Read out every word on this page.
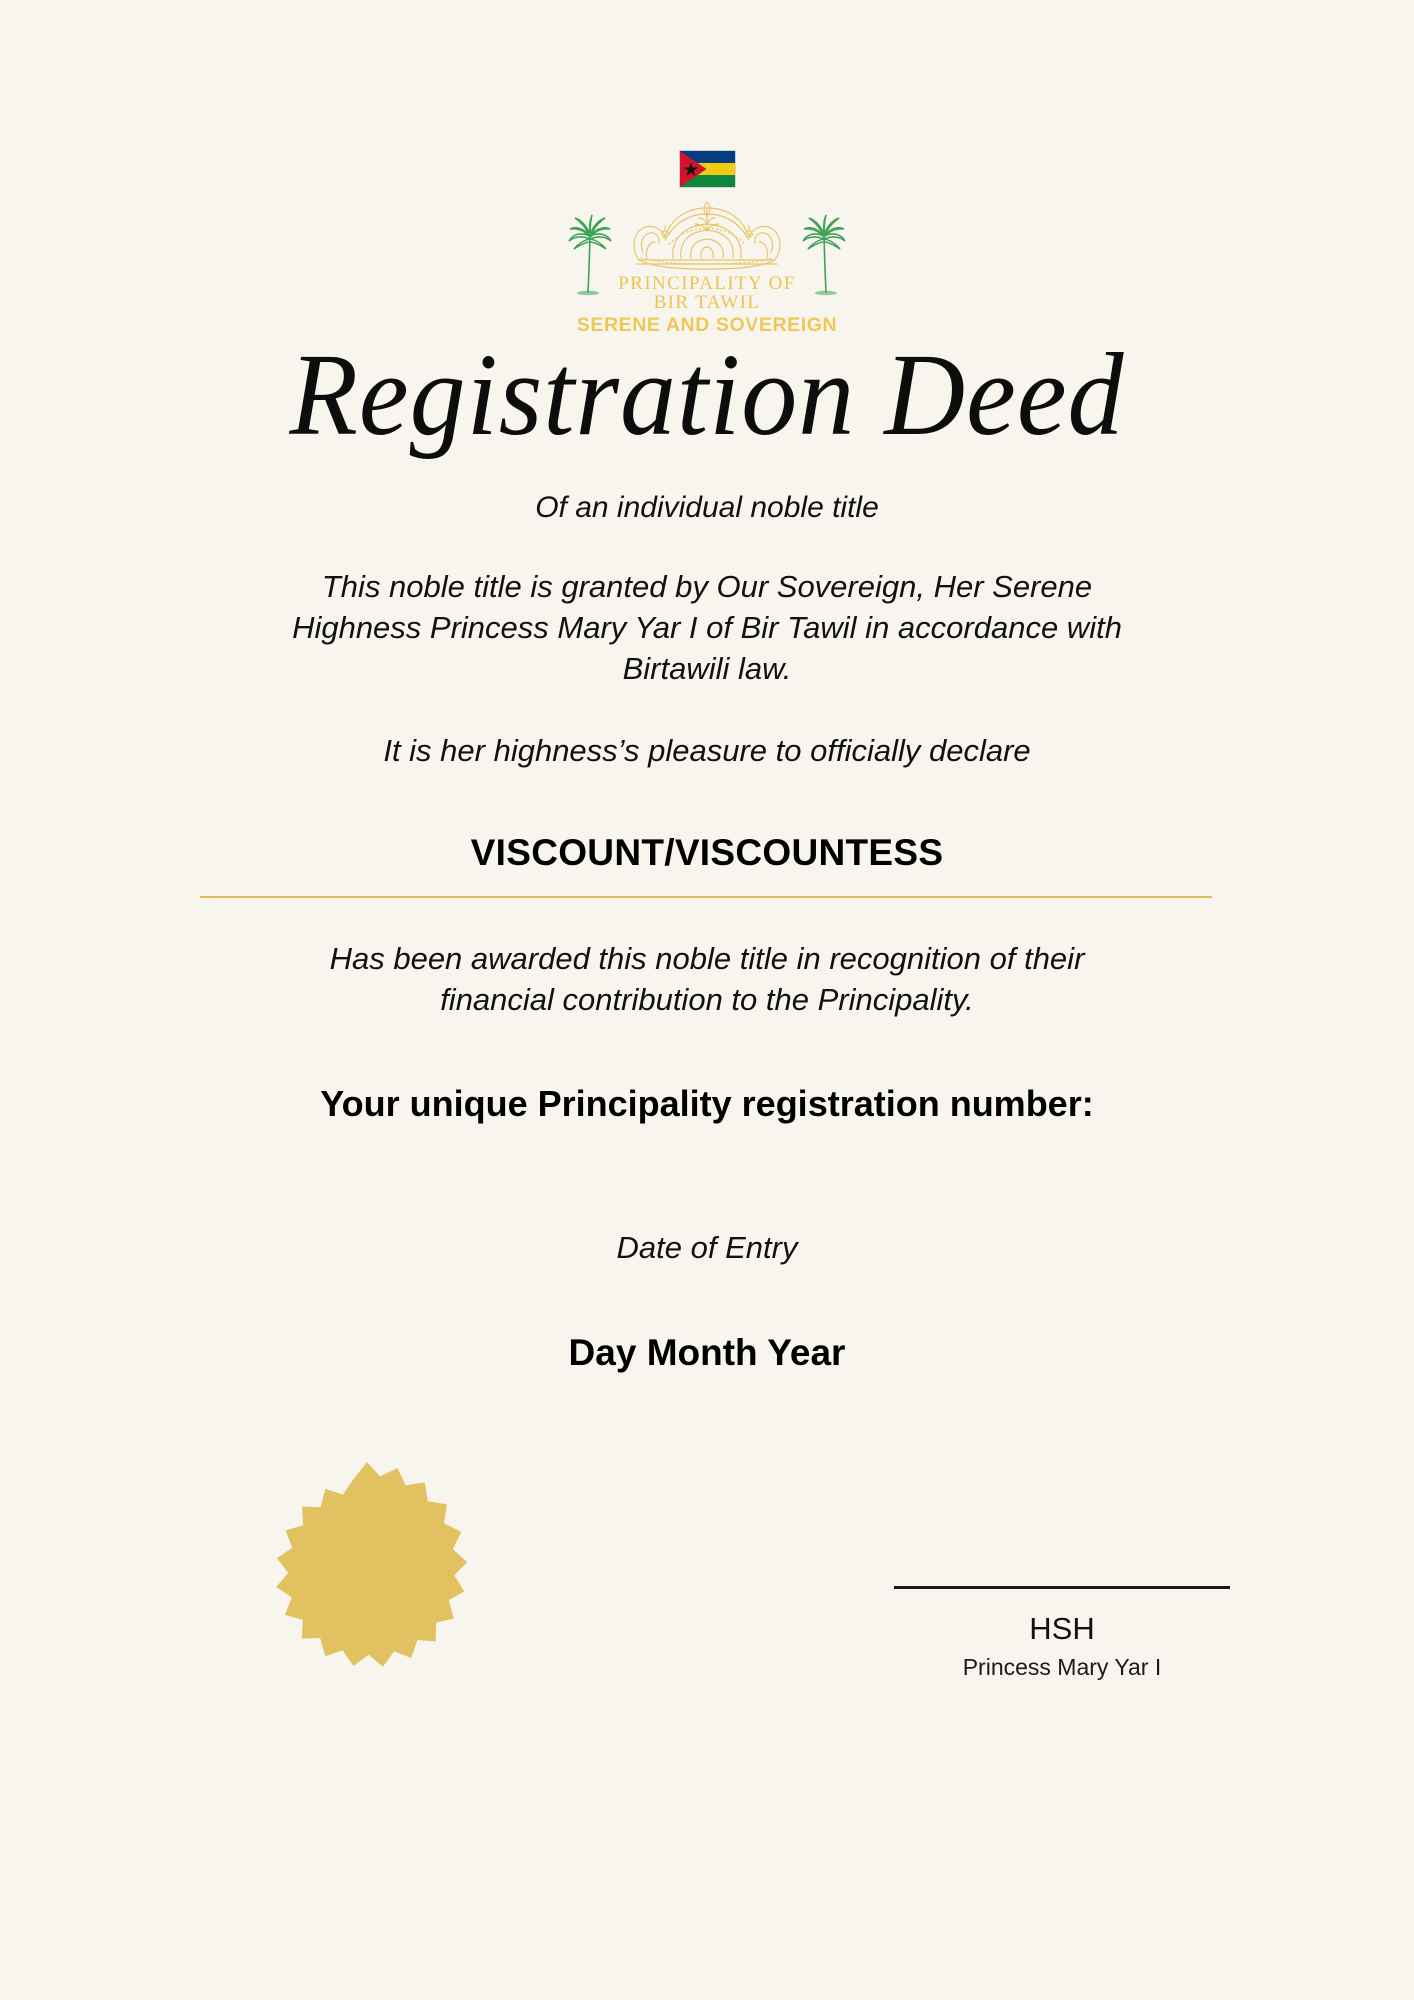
PRINCIPALITY OF
BIR TAWIL
SERENE AND SOVEREIGN
Registration Deed
Of an individual noble title
This noble title is granted by Our Sovereign, Her Serene Highness Princess Mary Yar I of Bir Tawil in accordance with Birtawili law.
It is her highness’s pleasure to officially declare
VISCOUNT/VISCOUNTESS
Has been awarded this noble title in recognition of their financial contribution to the Principality.
Your unique Principality registration number:
Date of Entry
Day Month Year
HSH
Princess Mary Yar I
